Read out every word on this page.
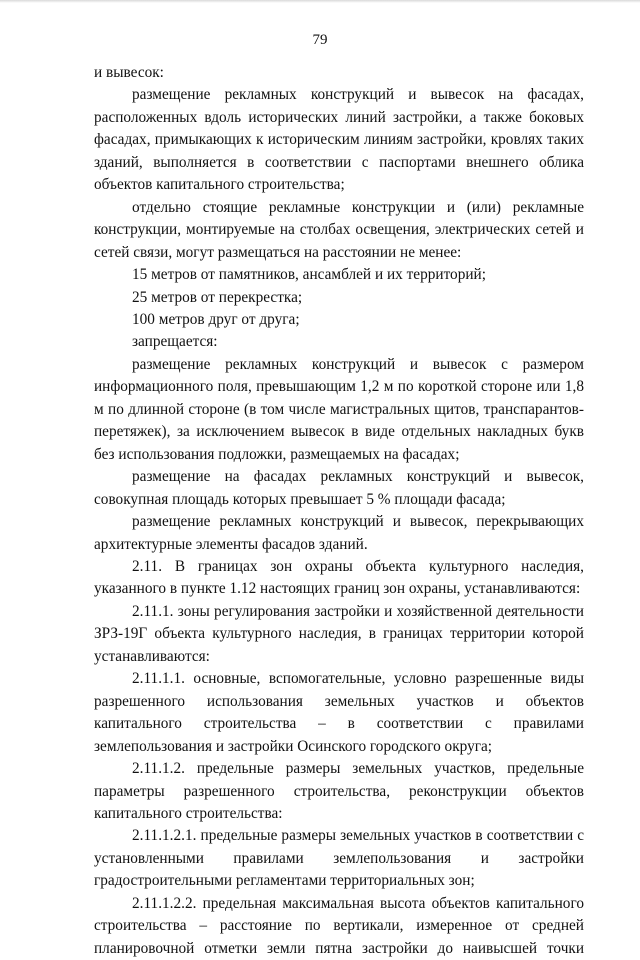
79

и вывесок:

размещение рекламных конструкций и вывесок на фасадах, расположенных вдоль исторических линий застройки, а также боковых фасадах, примыкающих к историческим линиям застройки, кровлях таких зданий, выполняется в соответствии с паспортами внешнего облика объектов капитального строительства;

отдельно стоящие рекламные конструкции и (или) рекламные конструкции, монтируемые на столбах освещения, электрических сетей и сетей связи, могут размещаться на расстоянии не менее:

15 метров от памятников, ансамблей и их территорий;

25 метров от перекрестка;

100 метров друг от друга;

запрещается:

размещение рекламных конструкций и вывесок с размером информационного поля, превышающим 1,2 м по короткой стороне или 1,8 м по длинной стороне (в том числе магистральных щитов, транспарантов-перетяжек), за исключением вывесок в виде отдельных накладных букв без использования подложки, размещаемых на фасадах;

размещение на фасадах рекламных конструкций и вывесок, совокупная площадь которых превышает 5 % площади фасада;

размещение рекламных конструкций и вывесок, перекрывающих архитектурные элементы фасадов зданий.

2.11. В границах зон охраны объекта культурного наследия, указанного в пункте 1.12 настоящих границ зон охраны, устанавливаются:

2.11.1. зоны регулирования застройки и хозяйственной деятельности ЗРЗ-19Г объекта культурного наследия, в границах территории которой устанавливаются:

2.11.1.1. основные, вспомогательные, условно разрешенные виды разрешенного использования земельных участков и объектов капитального строительства – в соответствии с правилами землепользования и застройки Осинского городского округа;

2.11.1.2. предельные размеры земельных участков, предельные параметры разрешенного строительства, реконструкции объектов капитального строительства:

2.11.1.2.1. предельные размеры земельных участков в соответствии с установленными правилами землепользования и застройки градостроительными регламентами территориальных зон;

2.11.1.2.2. предельная максимальная высота объектов капитального строительства – расстояние по вертикали, измеренное от средней планировочной отметки земли пятна застройки до наивысшей точки
